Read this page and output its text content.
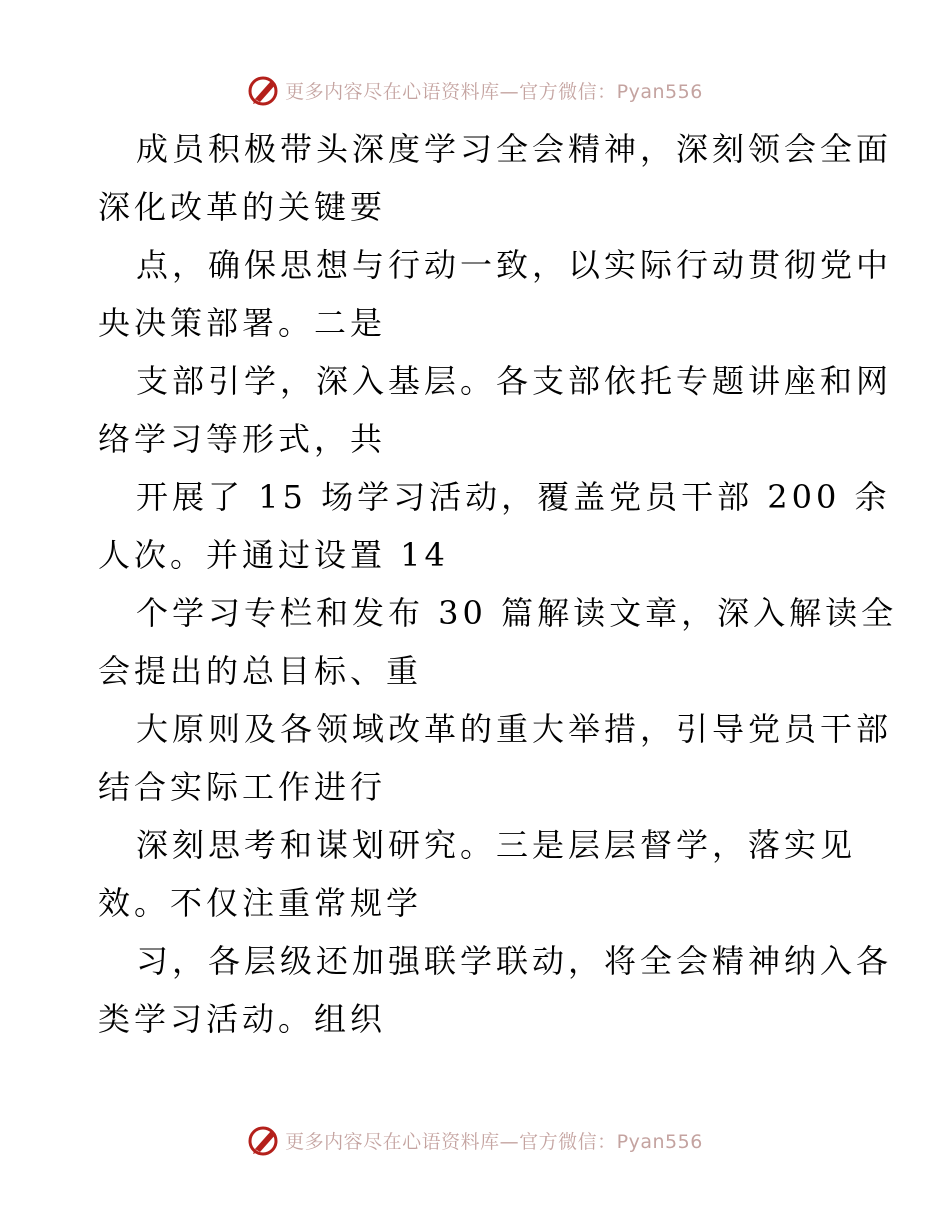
更多内容尽在心语资料库—官方微信：Pyan556

成员积极带头深度学习全会精神，深刻领会全面
深化改革的关键要

点，确保思想与行动一致，以实际行动贯彻党中
央决策部署。二是

支部引学，深入基层。各支部依托专题讲座和网
络学习等形式，共

开展了 15 场学习活动，覆盖党员干部 200 余
人次。并通过设置 14

个学习专栏和发布 30 篇解读文章，深入解读全
会提出的总目标、重

大原则及各领域改革的重大举措，引导党员干部
结合实际工作进行

深刻思考和谋划研究。三是层层督学，落实见
效。不仅注重常规学

习，各层级还加强联学联动，将全会精神纳入各
类学习活动。组织

更多内容尽在心语资料库—官方微信：Pyan556
